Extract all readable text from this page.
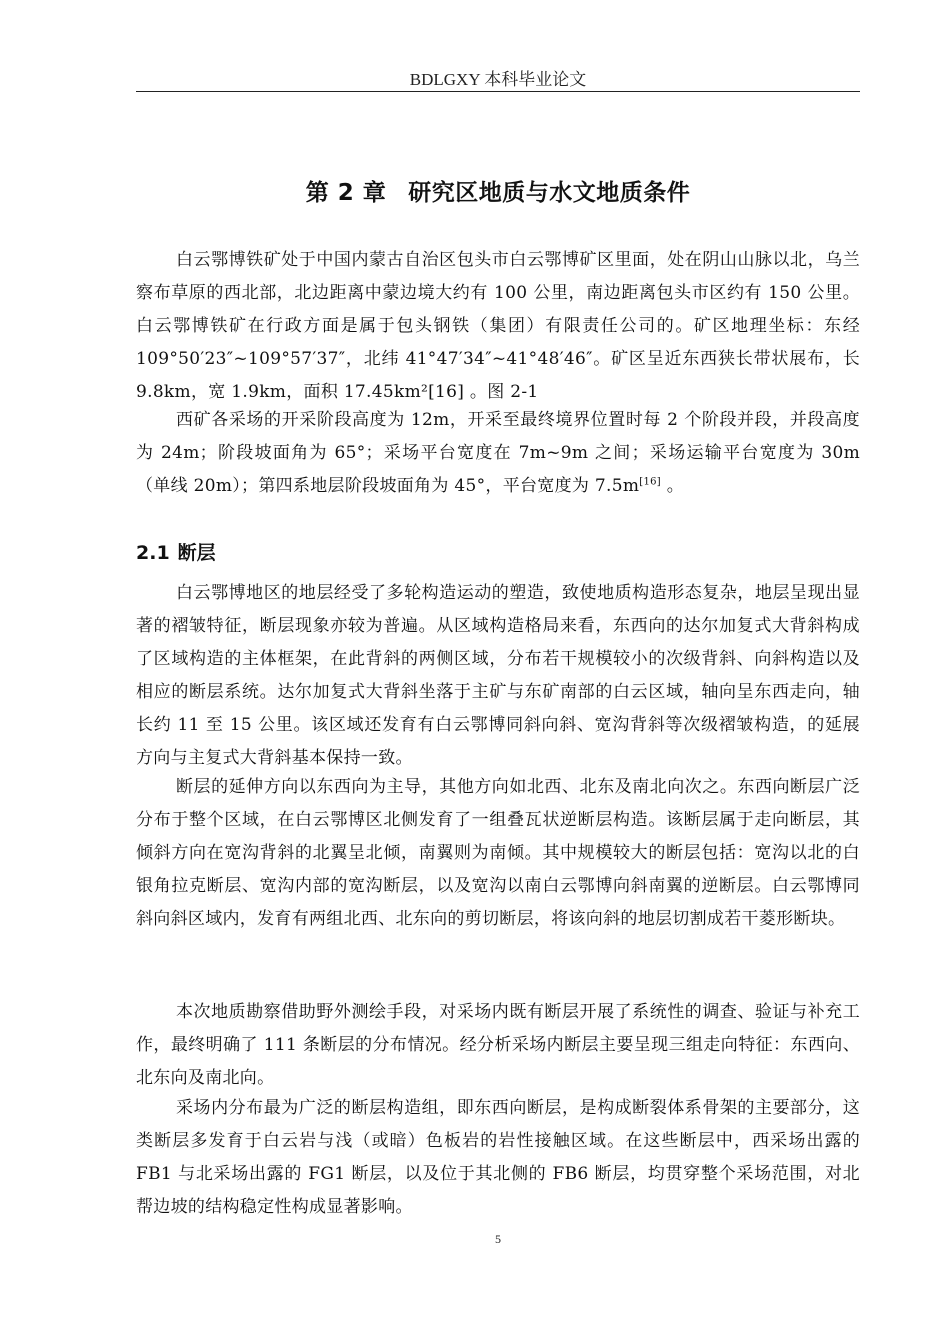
BDLGXY 本科毕业论文
第 2 章 研究区地质与水文地质条件

白云鄂博铁矿处于中国内蒙古自治区包头市白云鄂博矿区里面，处在阴山山脉以北，乌兰察布草原的西北部，北边距离中蒙边境大约有 100 公里，南边距离包头市区约有 150 公里。白云鄂博铁矿在行政方面是属于包头钢铁（集团）有限责任公司的。矿区地理坐标：东经 109°50′23″~109°57′37″，北纬 41°47′34″~41°48′46″。矿区呈近东西狭长带状展布，长 9.8km，宽 1.9km，面积 17.45km²[16] 。图 2-1

西矿各采场的开采阶段高度为 12m，开采至最终境界位置时每 2 个阶段并段，并段高度为 24m；阶段坡面角为 65°；采场平台宽度在 7m~9m 之间；采场运输平台宽度为 30m（单线 20m）；第四系地层阶段坡面角为 45°，平台宽度为 7.5m[16] 。

2.1 断层

白云鄂博地区的地层经受了多轮构造运动的塑造，致使地质构造形态复杂，地层呈现出显著的褶皱特征，断层现象亦较为普遍。从区域构造格局来看，东西向的达尔加复式大背斜构成了区域构造的主体框架，在此背斜的两侧区域，分布若干规模较小的次级背斜、向斜构造以及相应的断层系统。达尔加复式大背斜坐落于主矿与东矿南部的白云区域，轴向呈东西走向，轴长约 11 至 15 公里。该区域还发育有白云鄂博同斜向斜、宽沟背斜等次级褶皱构造，的延展方向与主复式大背斜基本保持一致。

断层的延伸方向以东西向为主导，其他方向如北西、北东及南北向次之。东西向断层广泛分布于整个区域，在白云鄂博区北侧发育了一组叠瓦状逆断层构造。该断层属于走向断层，其倾斜方向在宽沟背斜的北翼呈北倾，南翼则为南倾。其中规模较大的断层包括：宽沟以北的白银角拉克断层、宽沟内部的宽沟断层，以及宽沟以南白云鄂博向斜南翼的逆断层。白云鄂博同斜向斜区域内，发育有两组北西、北东向的剪切断层，将该向斜的地层切割成若干菱形断块。

本次地质勘察借助野外测绘手段，对采场内既有断层开展了系统性的调查、验证与补充工作，最终明确了 111 条断层的分布情况。经分析采场内断层主要呈现三组走向特征：东西向、北东向及南北向。

采场内分布最为广泛的断层构造组，即东西向断层，是构成断裂体系骨架的主要部分，这类断层多发育于白云岩与浅（或暗）色板岩的岩性接触区域。在这些断层中，西采场出露的 FB1 与北采场出露的 FG1 断层，以及位于其北侧的 FB6 断层，均贯穿整个采场范围，对北帮边坡的结构稳定性构成显著影响。

5
